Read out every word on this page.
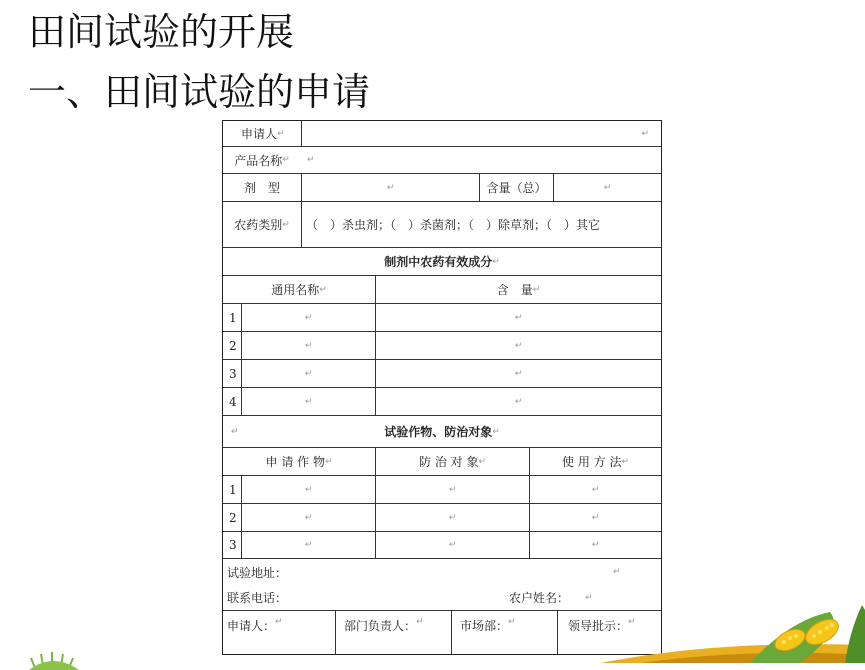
田间试验的开展
一、田间试验的申请
申请人 ↵	↵
产品名称 ↵ ↵
剂　型	↵	含量（总）	↵
农药类别 ↵ （　）杀虫剂；（　）杀菌剂；（　）除草剂；（　）其它
制剂中农药有效成分 ↵
通用名称 ↵	含　量 ↵
1	↵	↵
2	↵	↵
3	↵	↵
4	↵	↵
↵	试验作物、防治对象 ↵
申 请 作 物 ↵	防 治 对 象 ↵	使 用 方 法 ↵
1	↵	↵	↵
2	↵	↵	↵
3	↵	↵	↵
试验地址：	↵
联系电话：	农户姓名： ↵
申请人： ↵	部门负责人： ↵	市场部： ↵	领导批示： ↵
